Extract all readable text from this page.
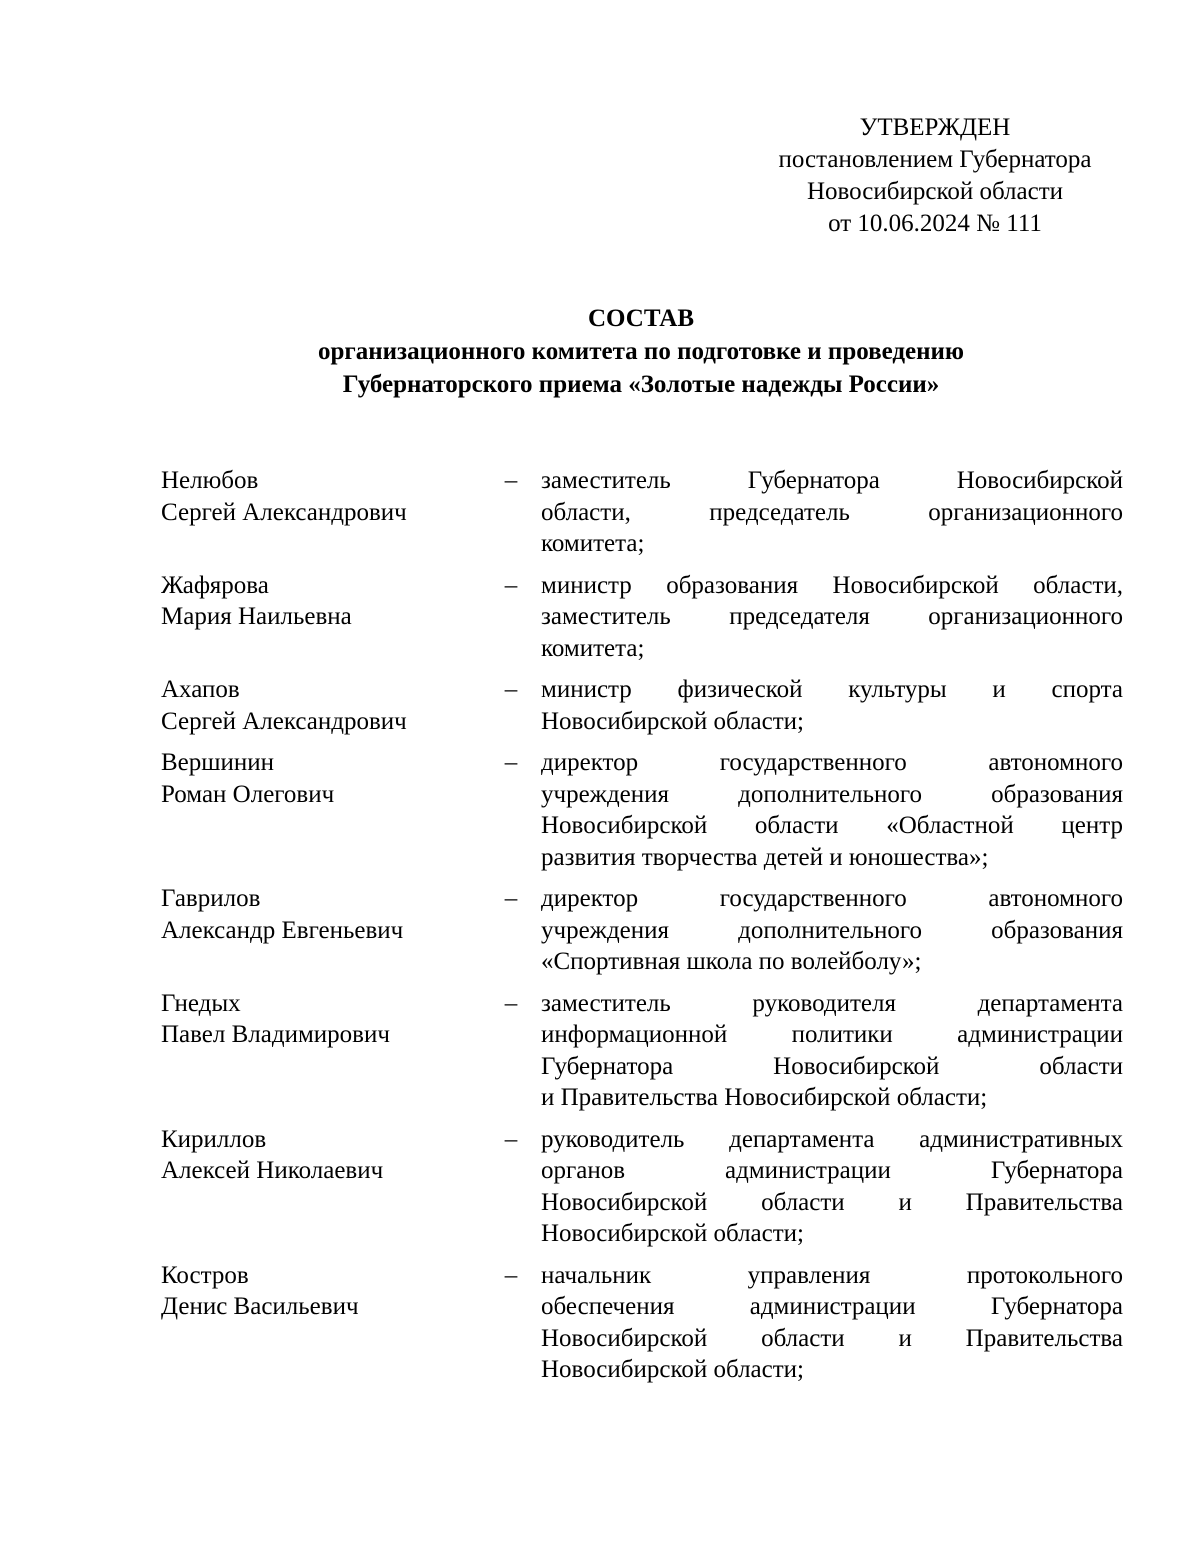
УТВЕРЖДЕН
постановлением Губернатора
Новосибирской области
от 10.06.2024 № 111
СОСТАВ
организационного комитета по подготовке и проведению
Губернаторского приема «Золотые надежды России»
Нелюбов
Сергей Александрович
– заместитель Губернатора Новосибирской
области, председатель организационного
комитета;
Жафярова
Мария Наильевна
– министр образования Новосибирской области,
заместитель председателя организационного
комитета;
Ахапов
Сергей Александрович
– министр физической культуры и спорта
Новосибирской области;
Вершинин
Роман Олегович
– директор государственного автономного
учреждения дополнительного образования
Новосибирской области «Областной центр
развития творчества детей и юношества»;
Гаврилов
Александр Евгеньевич
– директор государственного автономного
учреждения дополнительного образования
«Спортивная школа по волейболу»;
Гнедых
Павел Владимирович
– заместитель руководителя департамента
информационной политики администрации
Губернатора Новосибирской области
и Правительства Новосибирской области;
Кириллов
Алексей Николаевич
– руководитель департамента административных
органов администрации Губернатора
Новосибирской области и Правительства
Новосибирской области;
Костров
Денис Васильевич
– начальник управления протокольного
обеспечения администрации Губернатора
Новосибирской области и Правительства
Новосибирской области;
